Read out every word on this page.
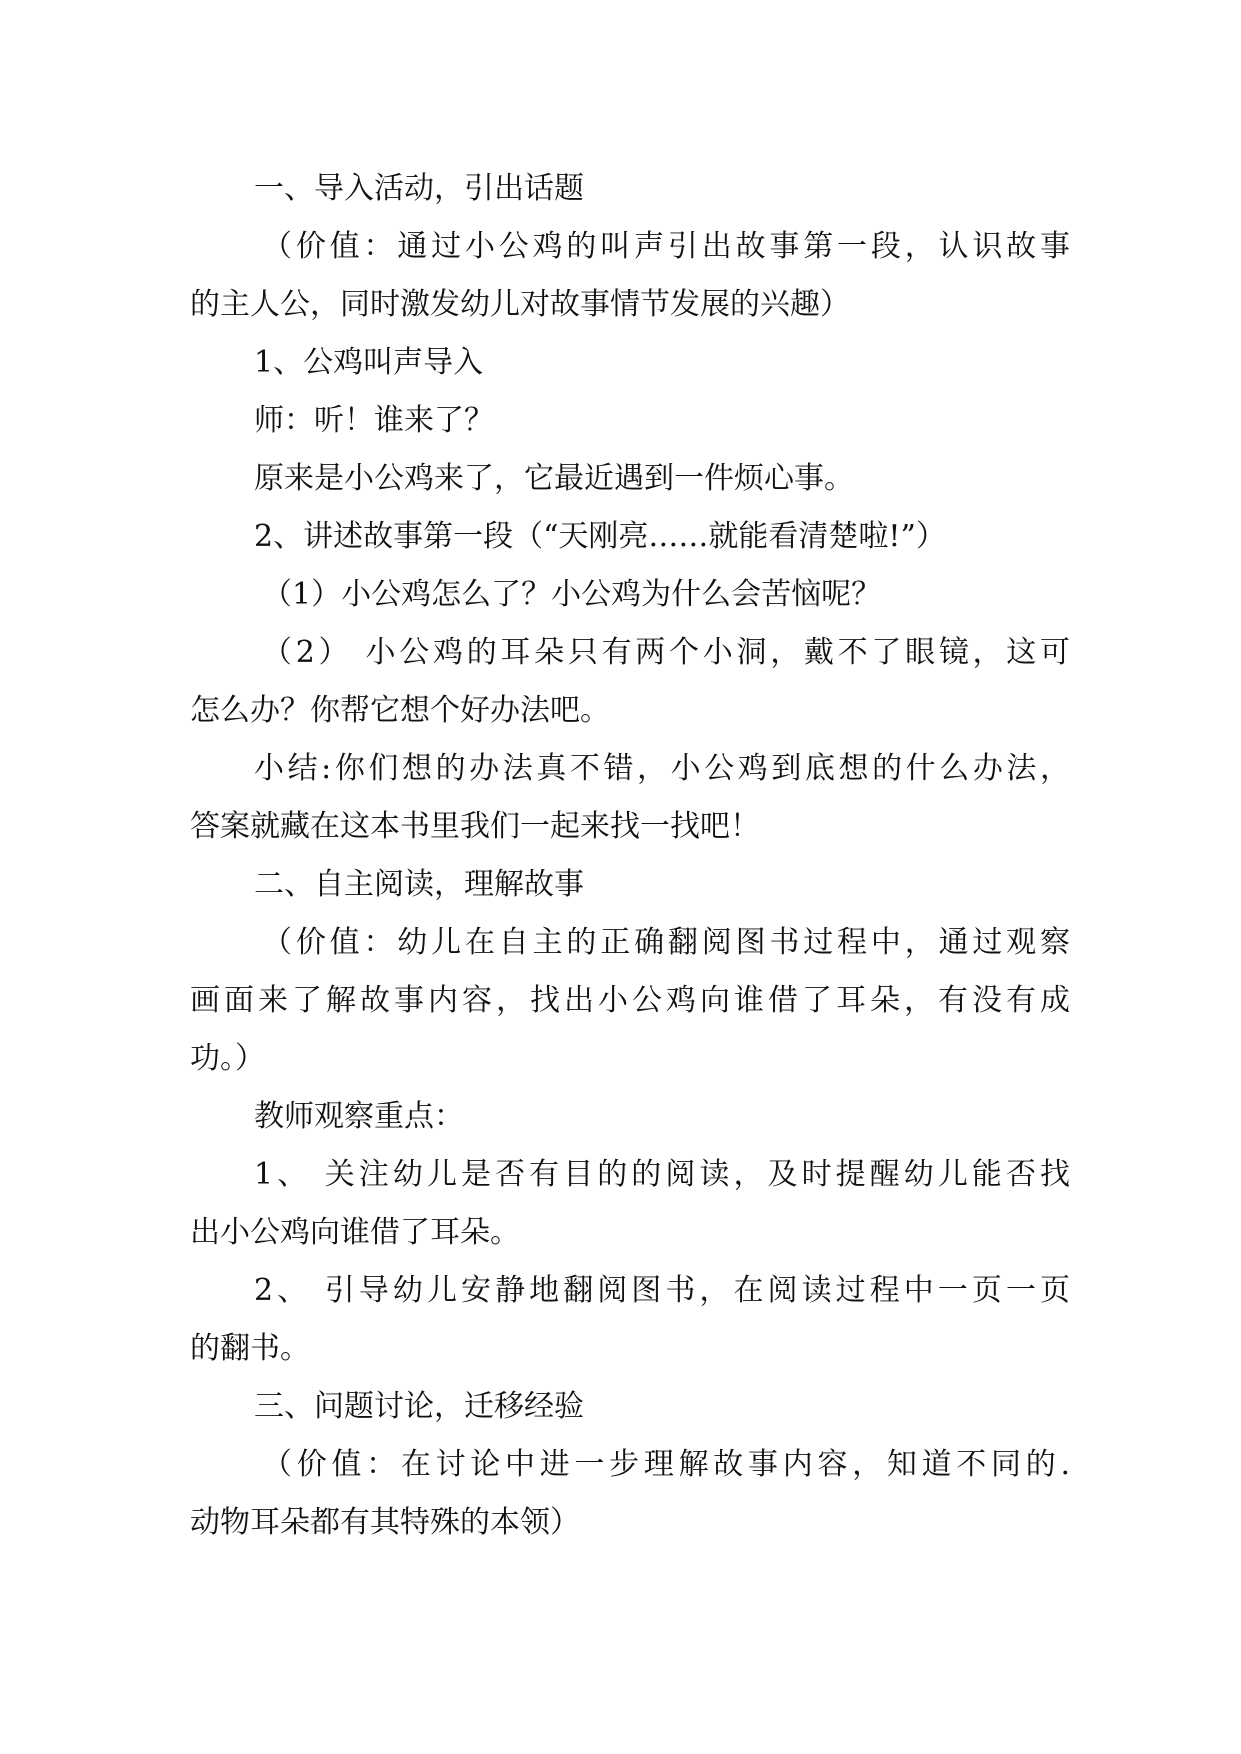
一、导入活动，引出话题

（价值：通过小公鸡的叫声引出故事第一段，认识故事

的主人公，同时激发幼儿对故事情节发展的兴趣）

1、公鸡叫声导入

师：听！谁来了？

原来是小公鸡来了，它最近遇到一件烦心事。

2、讲述故事第一段（“天刚亮……就能看清楚啦!”）

（1）小公鸡怎么了？小公鸡为什么会苦恼呢？

（2） 小公鸡的耳朵只有两个小洞，戴不了眼镜，这可

怎么办？你帮它想个好办法吧。

小结:你们想的办法真不错，小公鸡到底想的什么办法，

答案就藏在这本书里我们一起来找一找吧！

二、自主阅读，理解故事

（价值：幼儿在自主的正确翻阅图书过程中，通过观察

画面来了解故事内容，找出小公鸡向谁借了耳朵，有没有成

功。）

教师观察重点：

1、 关注幼儿是否有目的的阅读，及时提醒幼儿能否找

出小公鸡向谁借了耳朵。

2、 引导幼儿安静地翻阅图书，在阅读过程中一页一页

的翻书。

三、问题讨论，迁移经验

（价值：在讨论中进一步理解故事内容，知道不同的.

动物耳朵都有其特殊的本领）
